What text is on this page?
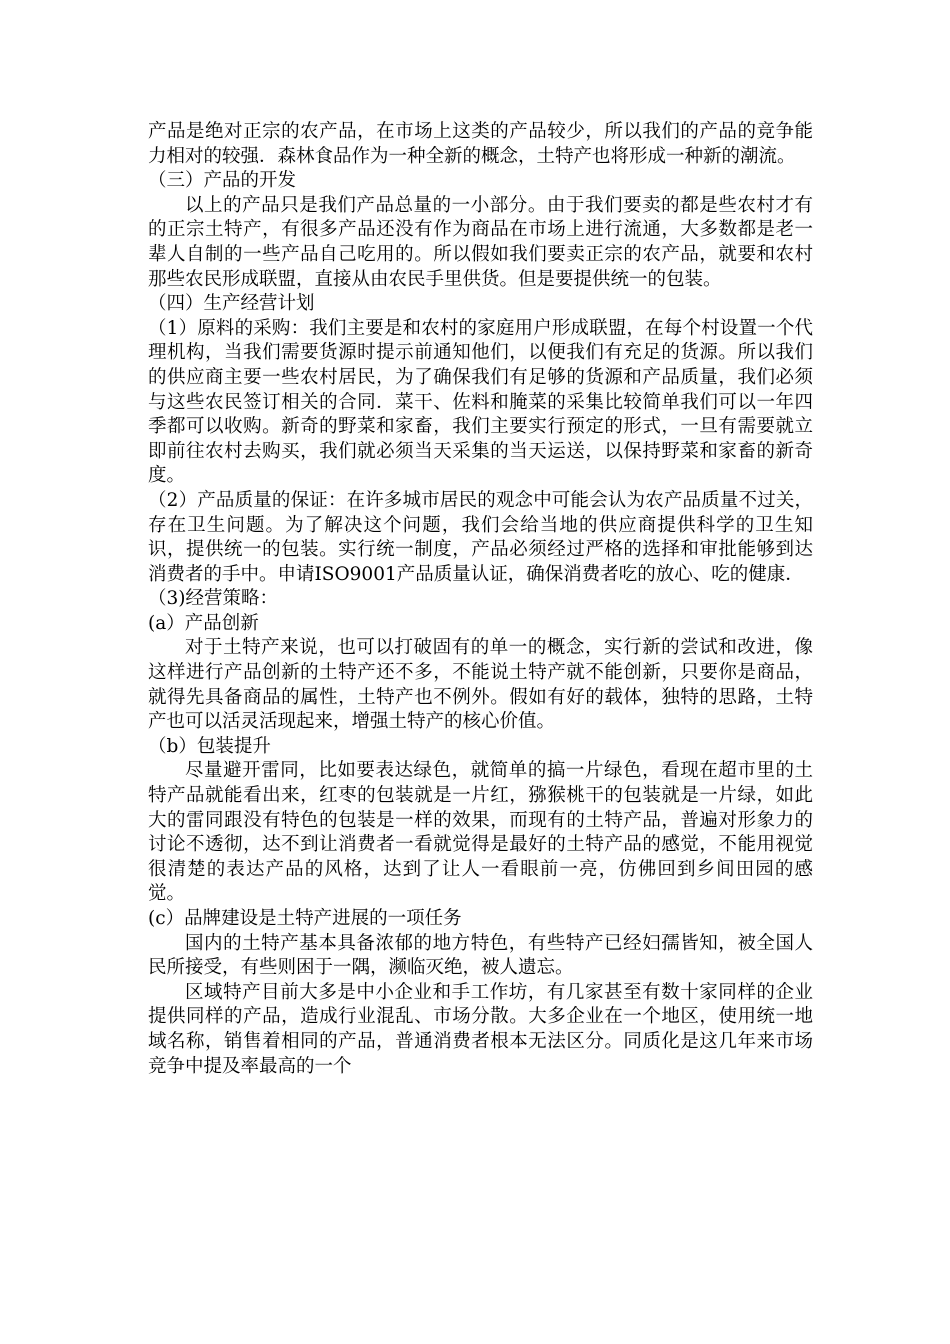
产品是绝对正宗的农产品，在市场上这类的产品较少，所以我们的产品的竞争能力相对的较强．森林食品作为一种全新的概念，土特产也将形成一种新的潮流。

（三）产品的开发

以上的产品只是我们产品总量的一小部分。由于我们要卖的都是些农村才有的正宗土特产，有很多产品还没有作为商品在市场上进行流通，大多数都是老一辈人自制的一些产品自己吃用的。所以假如我们要卖正宗的农产品，就要和农村那些农民形成联盟，直接从由农民手里供货。但是要提供统一的包装。

（四）生产经营计划

（1）原料的采购：我们主要是和农村的家庭用户形成联盟，在每个村设置一个代理机构，当我们需要货源时提示前通知他们，以便我们有充足的货源。所以我们的供应商主要一些农村居民，为了确保我们有足够的货源和产品质量，我们必须与这些农民签订相关的合同．菜干、佐料和腌菜的采集比较简单我们可以一年四季都可以收购。新奇的野菜和家畜，我们主要实行预定的形式，一旦有需要就立即前往农村去购买，我们就必须当天采集的当天运送，以保持野菜和家畜的新奇度。

（2）产品质量的保证：在许多城市居民的观念中可能会认为农产品质量不过关，存在卫生问题。为了解决这个问题，我们会给当地的供应商提供科学的卫生知识，提供统一的包装。实行统一制度，产品必须经过严格的选择和审批能够到达消费者的手中。申请ISO9001产品质量认证，确保消费者吃的放心、吃的健康．

（3)经营策略：

(a）产品创新

对于土特产来说，也可以打破固有的单一的概念，实行新的尝试和改进，像这样进行产品创新的土特产还不多，不能说土特产就不能创新，只要你是商品，就得先具备商品的属性，土特产也不例外。假如有好的载体，独特的思路，土特产也可以活灵活现起来，增强土特产的核心价值。

（b）包装提升

尽量避开雷同，比如要表达绿色，就简单的搞一片绿色，看现在超市里的土特产品就能看出来，红枣的包装就是一片红，猕猴桃干的包装就是一片绿，如此大的雷同跟没有特色的包装是一样的效果，而现有的土特产品，普遍对形象力的讨论不透彻，达不到让消费者一看就觉得是最好的土特产品的感觉，不能用视觉很清楚的表达产品的风格，达到了让人一看眼前一亮，仿佛回到乡间田园的感觉。

(c）品牌建设是土特产进展的一项任务

国内的土特产基本具备浓郁的地方特色，有些特产已经妇孺皆知，被全国人民所接受，有些则困于一隅，濒临灭绝，被人遗忘。

区域特产目前大多是中小企业和手工作坊，有几家甚至有数十家同样的企业提供同样的产品，造成行业混乱、市场分散。大多企业在一个地区，使用统一地域名称，销售着相同的产品，普通消费者根本无法区分。同质化是这几年来市场竞争中提及率最高的一个
